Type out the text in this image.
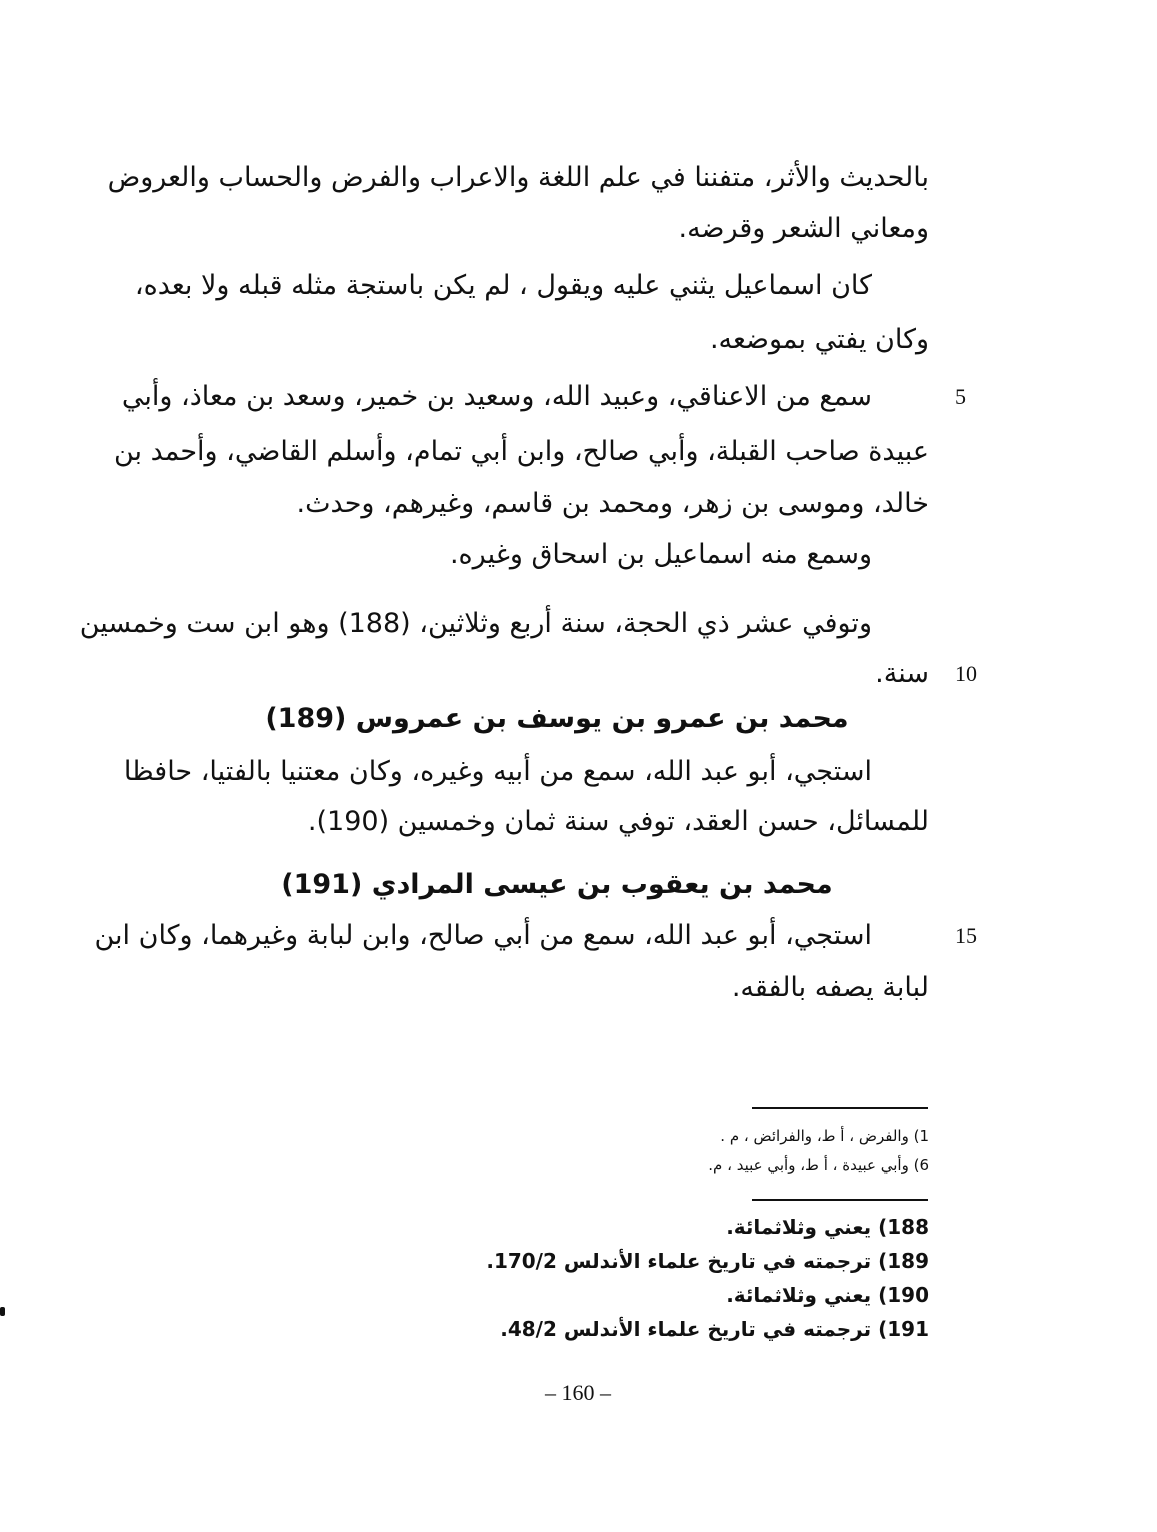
بالحديث والأثر، متفننا في علم اللغة والاعراب والفرض والحساب والعروض
ومعاني الشعر وقرضه.
كان اسماعيل يثني عليه ويقول ، لم يكن باستجة مثله قبله ولا بعده،
وكان يفتي بموضعه.
5
سمع من الاعناقي، وعبيد الله، وسعيد بن خمير، وسعد بن معاذ، وأبي
عبيدة صاحب القبلة، وأبي صالح، وابن أبي تمام، وأسلم القاضي، وأحمد بن
خالد، وموسى بن زهر، ومحمد بن قاسم، وغيرهم، وحدث.
وسمع منه اسماعيل بن اسحاق وغيره.
وتوفي عشر ذي الحجة، سنة أربع وثلاثين، (188) وهو ابن ست وخمسين
10
سنة.
محمد بن عمرو بن يوسف بن عمروس (189)
استجي، أبو عبد الله، سمع من أبيه وغيره، وكان معتنيا بالفتيا، حافظا
للمسائل، حسن العقد، توفي سنة ثمان وخمسين (190).
محمد بن يعقوب بن عيسى المرادي (191)
15
استجي، أبو عبد الله، سمع من أبي صالح، وابن لبابة وغيرهما، وكان ابن
لبابة يصفه بالفقه.
1) والفرض ، أ ط، والفرائض ، م .
6) وأبي عبيدة ، أ ط، وأبي عبيد ، م.
188) يعني وثلاثمائة.
189) ترجمته في تاريخ علماء الأندلس 170/2.
190) يعني وثلاثمائة.
191) ترجمته في تاريخ علماء الأندلس 48/2.
– 160 –
